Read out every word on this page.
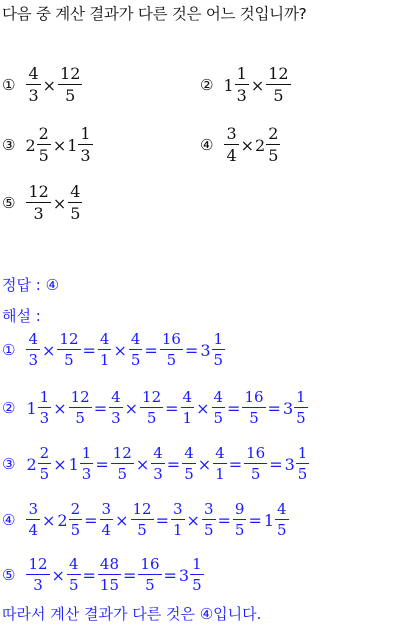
다음 중 계산 결과가 다른 것은 어느 것입니까?
① $\frac{4}{3} \times \frac{12}{5}$	② $1 \frac{1}{3} \times \frac{12}{5}$
③ $2 \frac{2}{5} \times 1 \frac{1}{3}$	④ $\frac{3}{4} \times 2 \frac{2}{5}$
⑤ $\frac{12}{3} \times \frac{4}{5}$
정답 : ④
해설 :
① $\frac{4}{3} \times \frac{12}{5} = \frac{4}{1} \times \frac{4}{5} = \frac{16}{5} = 3 \frac{1}{5}$
② $1 \frac{1}{3} \times \frac{12}{5} = \frac{4}{3} \times \frac{12}{5} = \frac{4}{1} \times \frac{4}{5} = \frac{16}{5} = 3 \frac{1}{5}$
③ $2 \frac{2}{5} \times 1 \frac{1}{3} = \frac{12}{5} \times \frac{4}{3} = \frac{4}{5} \times \frac{4}{1} = \frac{16}{5} = 3 \frac{1}{5}$
④ $\frac{3}{4} \times 2 \frac{2}{5} = \frac{3}{4} \times \frac{12}{5} = \frac{3}{1} \times \frac{3}{5} = \frac{9}{5} = 1 \frac{4}{5}$
⑤ $\frac{12}{3} \times \frac{4}{5} = \frac{48}{15} = \frac{16}{5} = 3 \frac{1}{5}$
따라서 계산 결과가 다른 것은 ④입니다.
